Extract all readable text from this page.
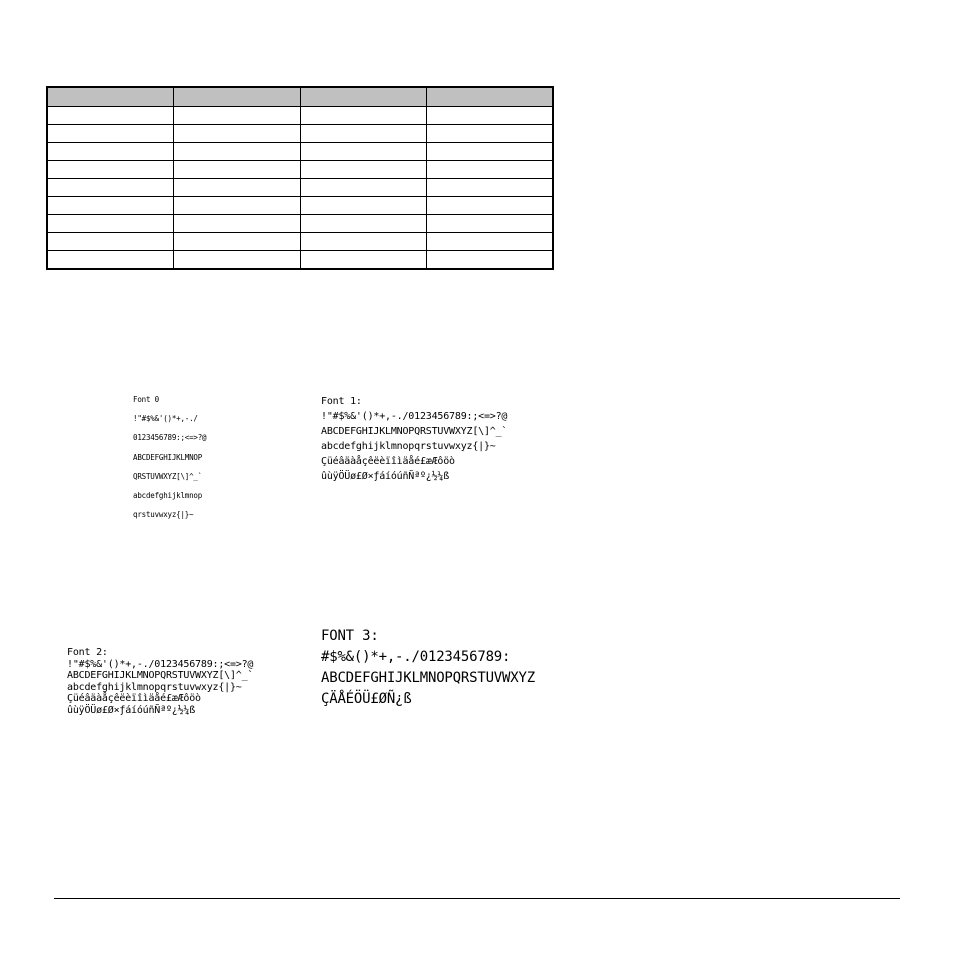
Font 0
!"#$%&'()*+,-./
0123456789:;<=>?@
ABCDEFGHIJKLMNOP
QRSTUVWXYZ[\]^_`
abcdefghijklmnop
qrstuvwxyz{|}~
Font 1:
!"#$%&'()*+,-./0123456789:;<=>?@
ABCDEFGHIJKLMNOPQRSTUVWXYZ[\]^_`
abcdefghijklmnopqrstuvwxyz{|}~
Çüéâäàåçêëèïîìäåé£æÆôöò
ûùÿÖÜø£Ø×ƒáíóúñÑªº¿½¼ß
Font 2:
!"#$%&'()*+,-./0123456789:;<=>?@
ABCDEFGHIJKLMNOPQRSTUVWXYZ[\]^_`
abcdefghijklmnopqrstuvwxyz{|}~
Çüéâäàåçêëèïîìäåé£æÆôöò
ûùÿÖÜø£Ø×ƒáíóúñÑªº¿½¼ß
FONT 3:
#$%&()*+,-./0123456789:
ABCDEFGHIJKLMNOPQRSTUVWXYZ
ÇÄÅÉÖÜ£ØÑ¿ß
